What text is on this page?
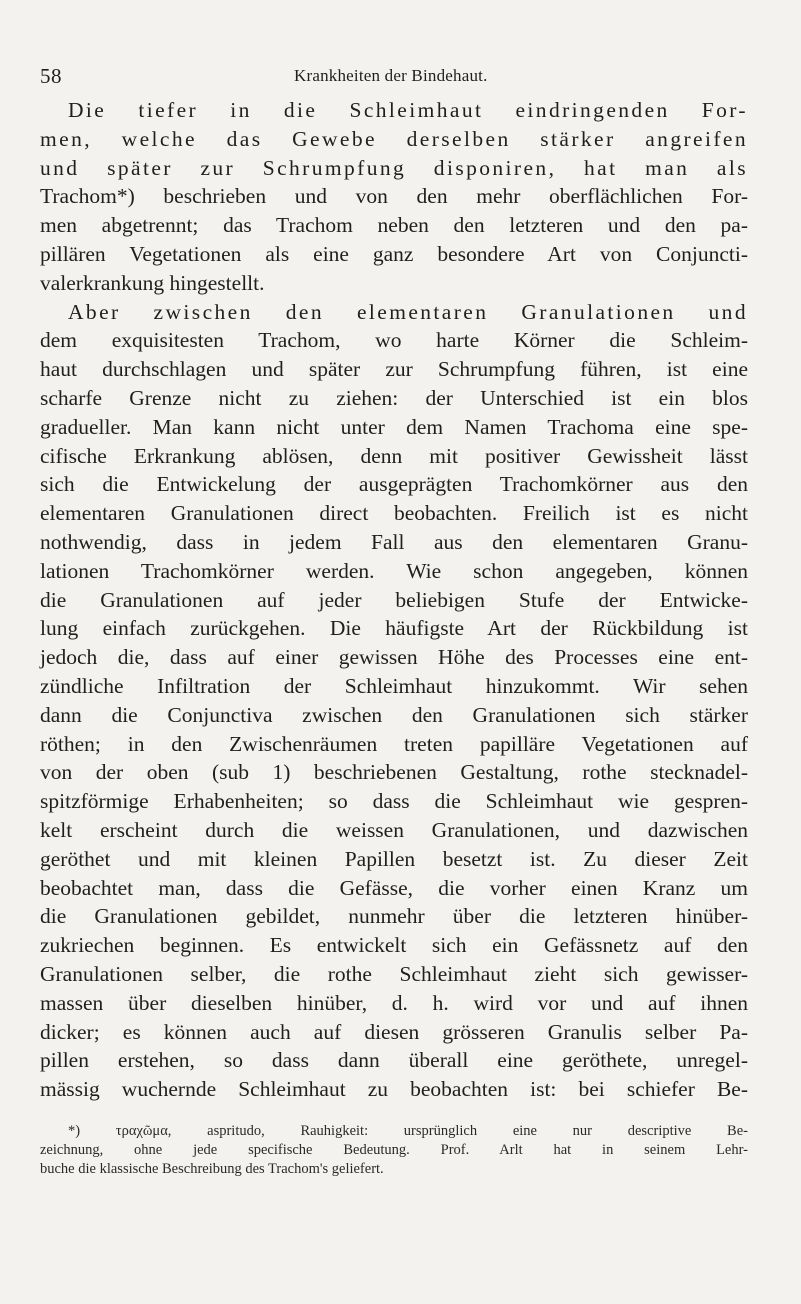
58	Krankheiten der Bindehaut.
Die tiefer in die Schleimhaut eindringenden For-
men, welche das Gewebe derselben stärker angreifen
und später zur Schrumpfung disponiren, hat man als
Trachom*) beschrieben und von den mehr oberflächlichen For-
men abgetrennt; das Trachom neben den letzteren und den pa-
pillären Vegetationen als eine ganz besondere Art von Conjuncti-
valerkrankung hingestellt.
Aber zwischen den elementaren Granulationen und
dem exquisitesten Trachom, wo harte Körner die Schleim-
haut durchschlagen und später zur Schrumpfung führen, ist eine
scharfe Grenze nicht zu ziehen: der Unterschied ist ein blos
gradueller. Man kann nicht unter dem Namen Trachoma eine spe-
cifische Erkrankung ablösen, denn mit positiver Gewissheit lässt
sich die Entwickelung der ausgeprägten Trachomkörner aus den
elementaren Granulationen direct beobachten. Freilich ist es nicht
nothwendig, dass in jedem Fall aus den elementaren Granu-
lationen Trachomkörner werden. Wie schon angegeben, können
die Granulationen auf jeder beliebigen Stufe der Entwicke-
lung einfach zurückgehen. Die häufigste Art der Rückbildung ist
jedoch die, dass auf einer gewissen Höhe des Processes eine ent-
zündliche Infiltration der Schleimhaut hinzukommt. Wir sehen
dann die Conjunctiva zwischen den Granulationen sich stärker
röthen; in den Zwischenräumen treten papilläre Vegetationen auf
von der oben (sub 1) beschriebenen Gestaltung, rothe stecknadel-
spitzförmige Erhabenheiten; so dass die Schleimhaut wie gespren-
kelt erscheint durch die weissen Granulationen, und dazwischen
geröthet und mit kleinen Papillen besetzt ist. Zu dieser Zeit
beobachtet man, dass die Gefässe, die vorher einen Kranz um
die Granulationen gebildet, nunmehr über die letzteren hinüber-
zukriechen beginnen. Es entwickelt sich ein Gefässnetz auf den
Granulationen selber, die rothe Schleimhaut zieht sich gewisser-
massen über dieselben hinüber, d. h. wird vor und auf ihnen
dicker; es können auch auf diesen grösseren Granulis selber Pa-
pillen erstehen, so dass dann überall eine geröthete, unregel-
mässig wuchernde Schleimhaut zu beobachten ist: bei schiefer Be-
*) τραχῶμα, aspritudo, Rauhigkeit: ursprünglich eine nur descriptive Be-
zeichnung, ohne jede specifische Bedeutung. Prof. Arlt hat in seinem Lehr-
buche die klassische Beschreibung des Trachom's geliefert.
